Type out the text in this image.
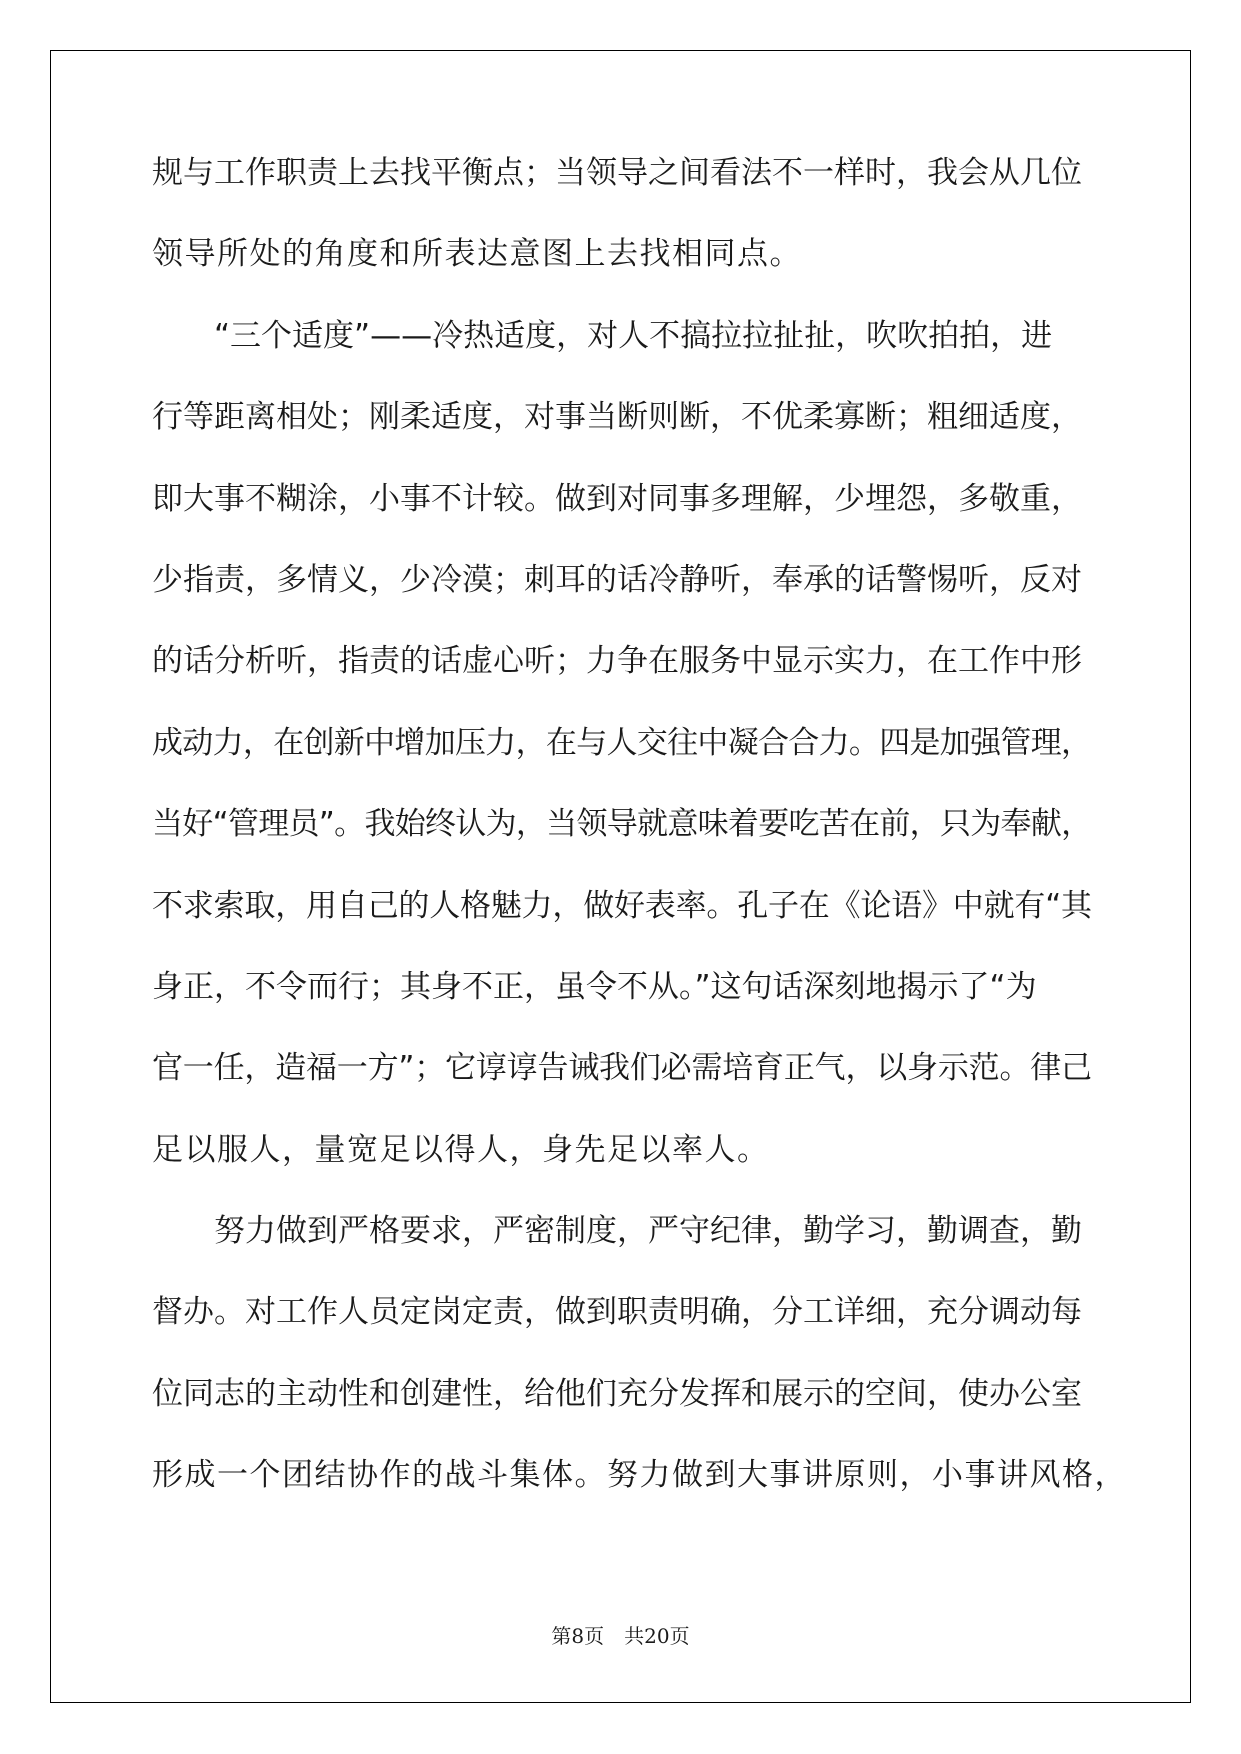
规与工作职责上去找平衡点；当领导之间看法不一样时，我会从几位
领导所处的角度和所表达意图上去找相同点。
“三个适度”——冷热适度，对人不搞拉拉扯扯，吹吹拍拍，进
行等距离相处；刚柔适度，对事当断则断，不优柔寡断；粗细适度，
即大事不糊涂，小事不计较。做到对同事多理解，少埋怨，多敬重，
少指责，多情义，少冷漠；刺耳的话冷静听，奉承的话警惕听，反对
的话分析听，指责的话虚心听；力争在服务中显示实力，在工作中形
成动力，在创新中增加压力，在与人交往中凝合合力。四是加强管理，
当好“管理员”。我始终认为，当领导就意味着要吃苦在前，只为奉献，
不求索取，用自己的人格魅力，做好表率。孔子在《论语》中就有“其
身正，不令而行；其身不正，虽令不从。”这句话深刻地揭示了“为
官一任，造福一方”；它谆谆告诫我们必需培育正气，以身示范。律己
足以服人，量宽足以得人，身先足以率人。
努力做到严格要求，严密制度，严守纪律，勤学习，勤调查，勤
督办。对工作人员定岗定责，做到职责明确，分工详细，充分调动每
位同志的主动性和创建性，给他们充分发挥和展示的空间，使办公室
形成一个团结协作的战斗集体。努力做到大事讲原则，小事讲风格，
第8页 共20页
